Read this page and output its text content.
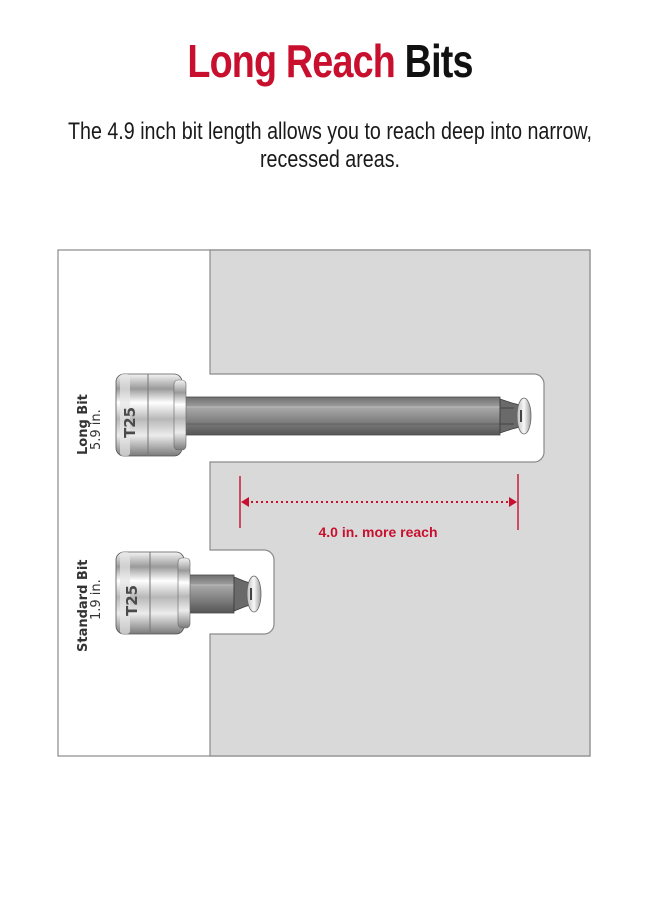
Long Reach Bits
The 4.9 inch bit length allows you to reach deep into narrow, recessed areas.
T25
T25
Long Bit
5.9 in.
Standard Bit
1.9 in.
4.0 in. more reach
